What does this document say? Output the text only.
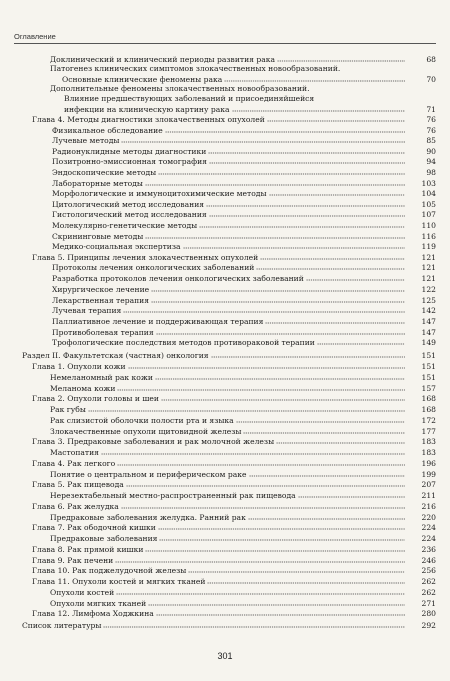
Оглавление
Доклинический и клинический периоды развития рака	68
Патогенез клинических симптомов злокачественных новообразований.
Основные клинические феномены рака	70
Дополнительные феномены злокачественных новообразований.
Влияние предшествующих заболеваний и присоединяйшейся
инфекции на клиническую картину рака	71
Глава 4. Методы диагностики злокачественных опухолей	76
Физикальное обследование	76
Лучевые методы	85
Радионуклидные методы диагностики	90
Позитронно-эмиссионная томография	94
Эндоскопические методы	98
Лабораторные методы	103
Морфологические и иммуноцитохимические методы	104
Цитологический метод исследования	105
Гистологический метод исследования	107
Молекулярно-генетические методы	110
Скрининговые методы	116
Медико-социальная экспертиза	119
Глава 5. Принципы лечения злокачественных опухолей	121
Протоколы лечения онкологических заболеваний	121
Разработка протоколов лечения онкологических заболеваний	121
Хирургическое лечение	122
Лекарственная терапия	125
Лучевая терапия	142
Паллиативное лечение и поддерживающая терапия	147
Противоболевая терапия	147
Трофологические последствия методов противораковой терапии	149
Раздел II. Факультетская (частная) онкология	151
Глава 1. Опухоли кожи	151
Немеланомный рак кожи	151
Меланома кожи	157
Глава 2. Опухоли головы и шеи	168
Рак губы	168
Рак слизистой оболочки полости рта и языка	172
Злокачественные опухоли щитовидной железы	177
Глава 3. Предраковые заболевания и рак молочной железы	183
Мастопатия	183
Глава 4. Рак легкого	196
Понятие о центральном и периферическом раке	199
Глава 5. Рак пищевода	207
Нерезектабельный местно-распространенный рак пищевода	211
Глава 6. Рак желудка	216
Предраковые заболевания желудка. Ранний рак	220
Глава 7. Рак ободочной кишки	224
Предраковые заболевания	224
Глава 8. Рак прямой кишки	236
Глава 9. Рак печени	246
Глава 10. Рак поджелудочной железы	256
Глава 11. Опухоли костей и мягких тканей	262
Опухоли костей	262
Опухоли мягких тканей	271
Глава 12. Лимфома Ходжкина	280
Список литературы	292
301
